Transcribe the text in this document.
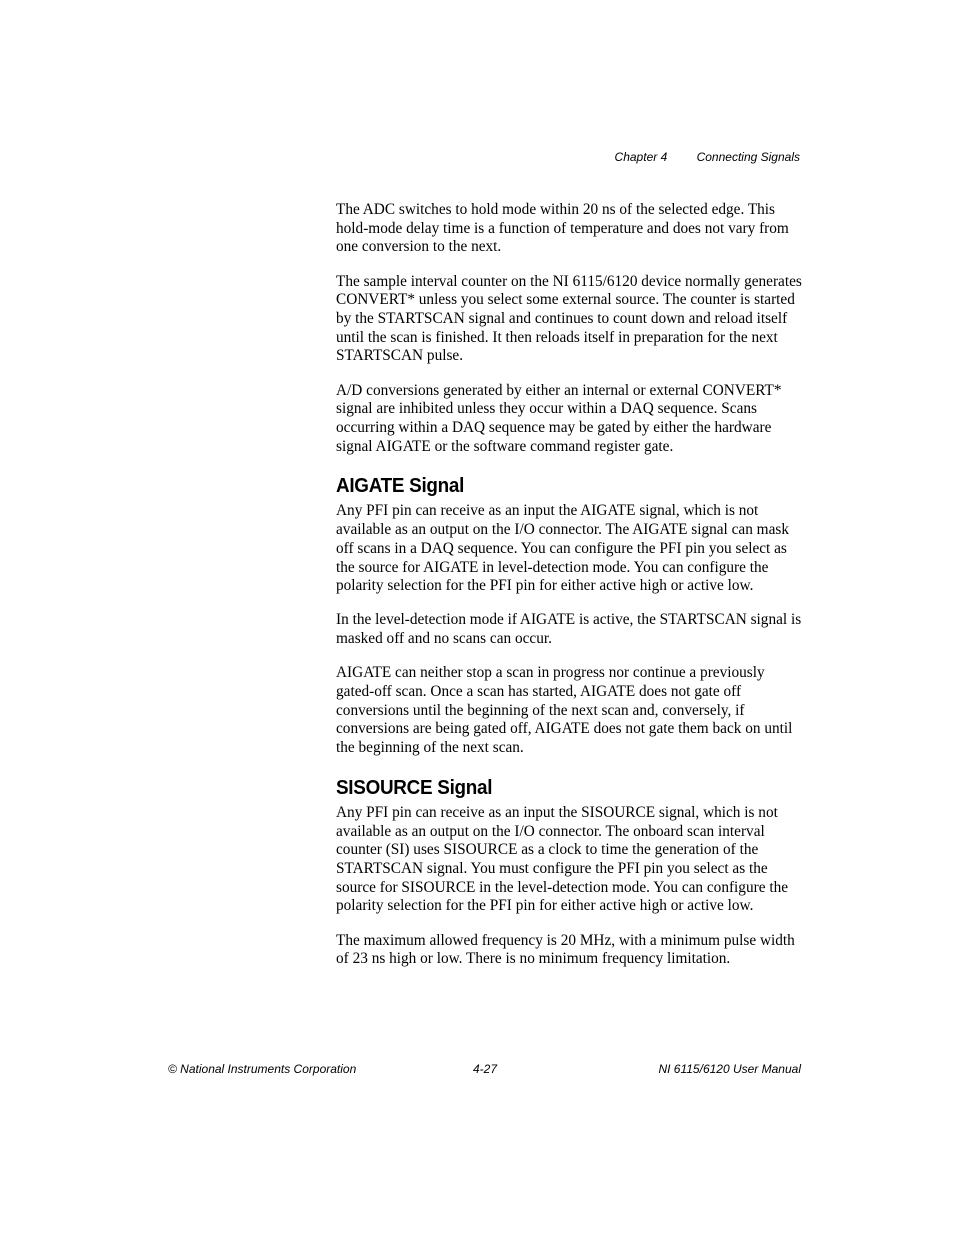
Chapter 4 Connecting Signals

The ADC switches to hold mode within 20 ns of the selected edge. This hold-mode delay time is a function of temperature and does not vary from one conversion to the next.

The sample interval counter on the NI 6115/6120 device normally generates CONVERT* unless you select some external source. The counter is started by the STARTSCAN signal and continues to count down and reload itself until the scan is finished. It then reloads itself in preparation for the next STARTSCAN pulse.

A/D conversions generated by either an internal or external CONVERT* signal are inhibited unless they occur within a DAQ sequence. Scans occurring within a DAQ sequence may be gated by either the hardware signal AIGATE or the software command register gate.

AIGATE Signal

Any PFI pin can receive as an input the AIGATE signal, which is not available as an output on the I/O connector. The AIGATE signal can mask off scans in a DAQ sequence. You can configure the PFI pin you select as the source for AIGATE in level-detection mode. You can configure the polarity selection for the PFI pin for either active high or active low.

In the level-detection mode if AIGATE is active, the STARTSCAN signal is masked off and no scans can occur.

AIGATE can neither stop a scan in progress nor continue a previously gated-off scan. Once a scan has started, AIGATE does not gate off conversions until the beginning of the next scan and, conversely, if conversions are being gated off, AIGATE does not gate them back on until the beginning of the next scan.

SISOURCE Signal

Any PFI pin can receive as an input the SISOURCE signal, which is not available as an output on the I/O connector. The onboard scan interval counter (SI) uses SISOURCE as a clock to time the generation of the STARTSCAN signal. You must configure the PFI pin you select as the source for SISOURCE in the level-detection mode. You can configure the polarity selection for the PFI pin for either active high or active low.

The maximum allowed frequency is 20 MHz, with a minimum pulse width of 23 ns high or low. There is no minimum frequency limitation.

© National Instruments Corporation	4-27	NI 6115/6120 User Manual
